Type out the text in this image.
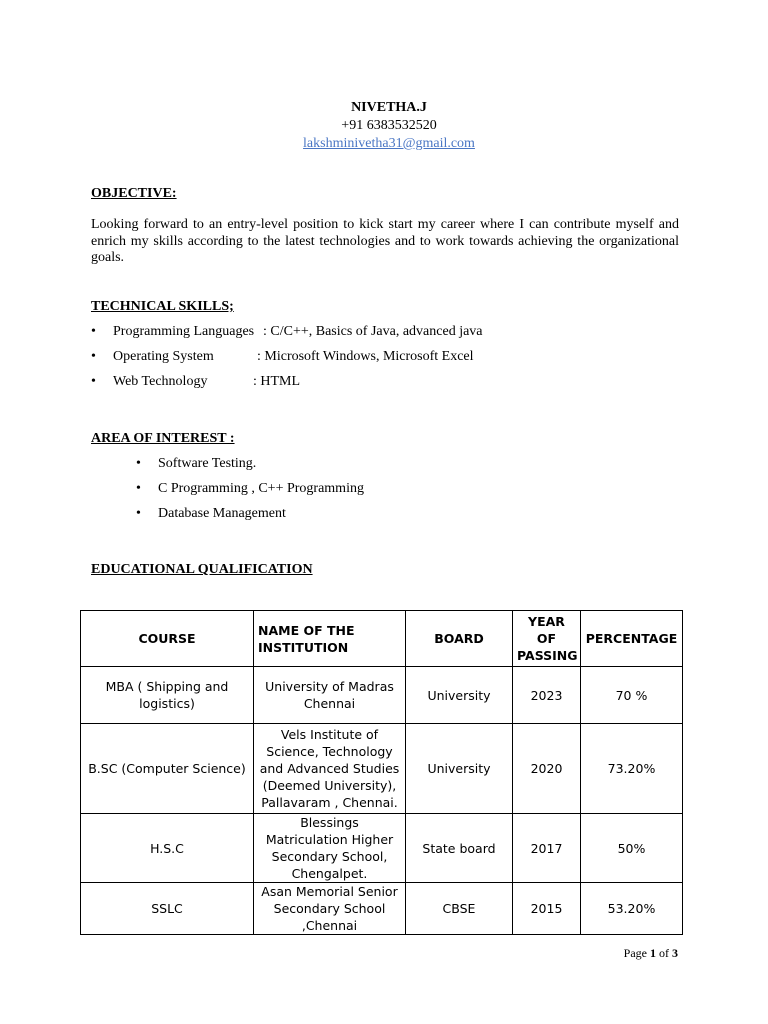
NIVETHA.J
+91 6383532520
lakshminivetha31@gmail.com
OBJECTIVE:
Looking forward to an entry-level position to kick start my career where I can contribute myself and enrich my skills according to the latest technologies and to work towards achieving the organizational goals.
TECHNICAL SKILLS;
• Programming Languages : C/C++, Basics of Java, advanced java
• Operating System	: Microsoft Windows, Microsoft Excel
• Web Technology	: HTML
AREA OF INTEREST :
• Software Testing.
• C Programming , C++ Programming
• Database Management
EDUCATIONAL QUALIFICATION
COURSE	NAME OF THE INSTITUTION	BOARD	YEAR OF PASSING	PERCENTAGE
MBA ( Shipping and logistics)	University of Madras Chennai	University	2023	70 %
B.SC (Computer Science)	Vels Institute of Science, Technology and Advanced Studies (Deemed University), Pallavaram , Chennai.	University	2020	73.20%
H.S.C	Blessings Matriculation Higher Secondary School, Chengalpet.	State board	2017	50%
SSLC	Asan Memorial Senior Secondary School ,Chennai	CBSE	2015	53.20%
Page 1 of 3
